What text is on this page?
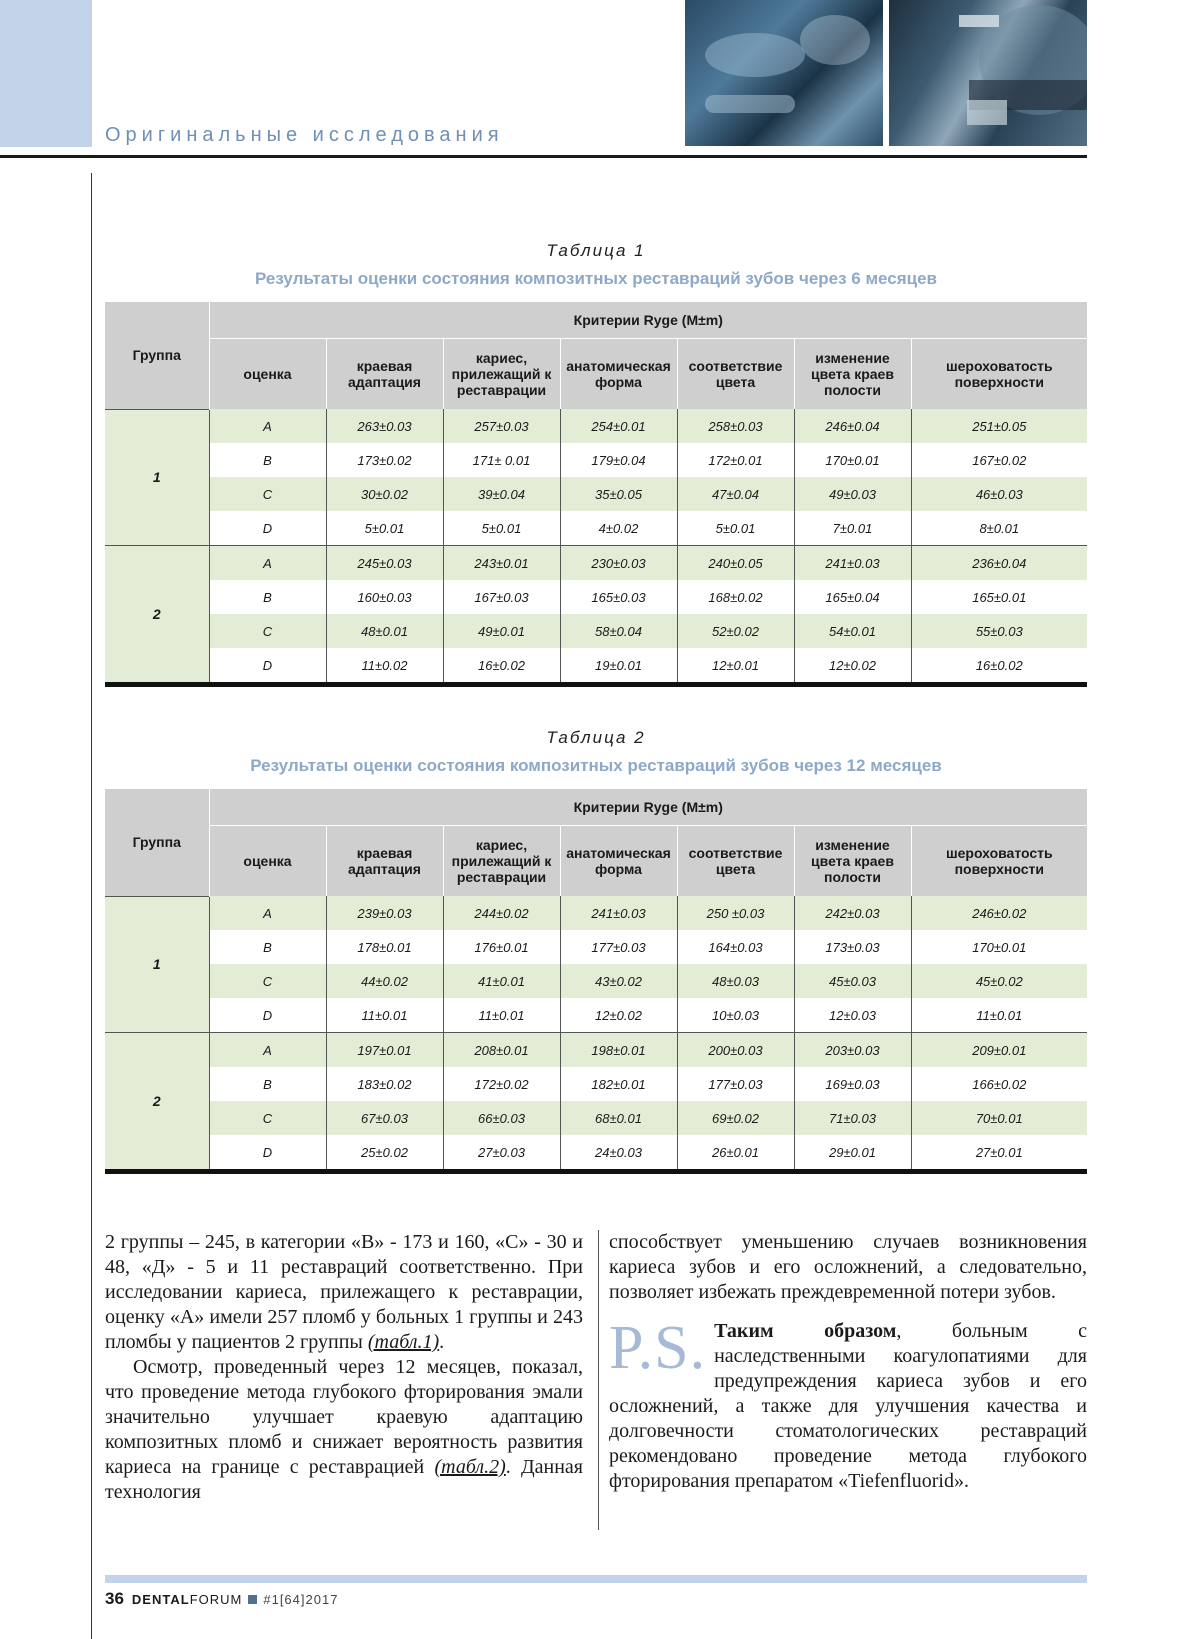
Оригинальные исследования
Таблица 1
Результаты оценки состояния композитных реставраций зубов через 6 месяцев
Группа	Критерии Ryge (M±m)						
	оценка	краевая адаптация	кариес, прилежащий к реставрации	анатомическая форма	соответствие цвета	изменение цвета краев полости	шероховатость поверхности
1	A	263±0.03	257±0.03	254±0.01	258±0.03	246±0.04	251±0.05
	B	173±0.02	171± 0.01	179±0.04	172±0.01	170±0.01	167±0.02
	C	30±0.02	39±0.04	35±0.05	47±0.04	49±0.03	46±0.03
	D	5±0.01	5±0.01	4±0.02	5±0.01	7±0.01	8±0.01
2	A	245±0.03	243±0.01	230±0.03	240±0.05	241±0.03	236±0.04
	B	160±0.03	167±0.03	165±0.03	168±0.02	165±0.04	165±0.01
	C	48±0.01	49±0.01	58±0.04	52±0.02	54±0.01	55±0.03
	D	11±0.02	16±0.02	19±0.01	12±0.01	12±0.02	16±0.02
Таблица 2
Результаты оценки состояния композитных реставраций зубов через 12 месяцев
Группа	Критерии Ryge (M±m)						
	оценка	краевая адаптация	кариес, прилежащий к реставрации	анатомическая форма	соответствие цвета	изменение цвета краев полости	шероховатость поверхности
1	A	239±0.03	244±0.02	241±0.03	250 ±0.03	242±0.03	246±0.02
	B	178±0.01	176±0.01	177±0.03	164±0.03	173±0.03	170±0.01
	C	44±0.02	41±0.01	43±0.02	48±0.03	45±0.03	45±0.02
	D	11±0.01	11±0.01	12±0.02	10±0.03	12±0.03	11±0.01
2	A	197±0.01	208±0.01	198±0.01	200±0.03	203±0.03	209±0.01
	B	183±0.02	172±0.02	182±0.01	177±0.03	169±0.03	166±0.02
	C	67±0.03	66±0.03	68±0.01	69±0.02	71±0.03	70±0.01
	D	25±0.02	27±0.03	24±0.03	26±0.01	29±0.01	27±0.01

2 группы – 245, в категории «В» - 173 и 160, «С» - 30 и 48, «Д» - 5 и 11 реставраций соответственно. При исследовании кариеса, прилежащего к реставрации, оценку «А» имели 257 пломб у больных 1 группы и 243 пломбы у пациентов 2 группы (табл.1).

Осмотр, проведенный через 12 месяцев, показал, что проведение метода глубокого фторирования эмали значительно улучшает краевую адаптацию композитных пломб и снижает вероятность развития кариеса на границе с реставрацией (табл.2). Данная технология

способствует уменьшению случаев возникновения кариеса зубов и его осложнений, а следовательно, позволяет избежать преждевременной потери зубов.

P.S. Таким образом, больным с наследственными коагулопатиями для предупреждения кариеса зубов и его осложнений, а также для улучшения качества и долговечности стоматологических реставраций рекомендовано проведение метода глубокого фторирования препаратом «Tiefenfluorid».

36 DENTALFORUM #1[64]2017
